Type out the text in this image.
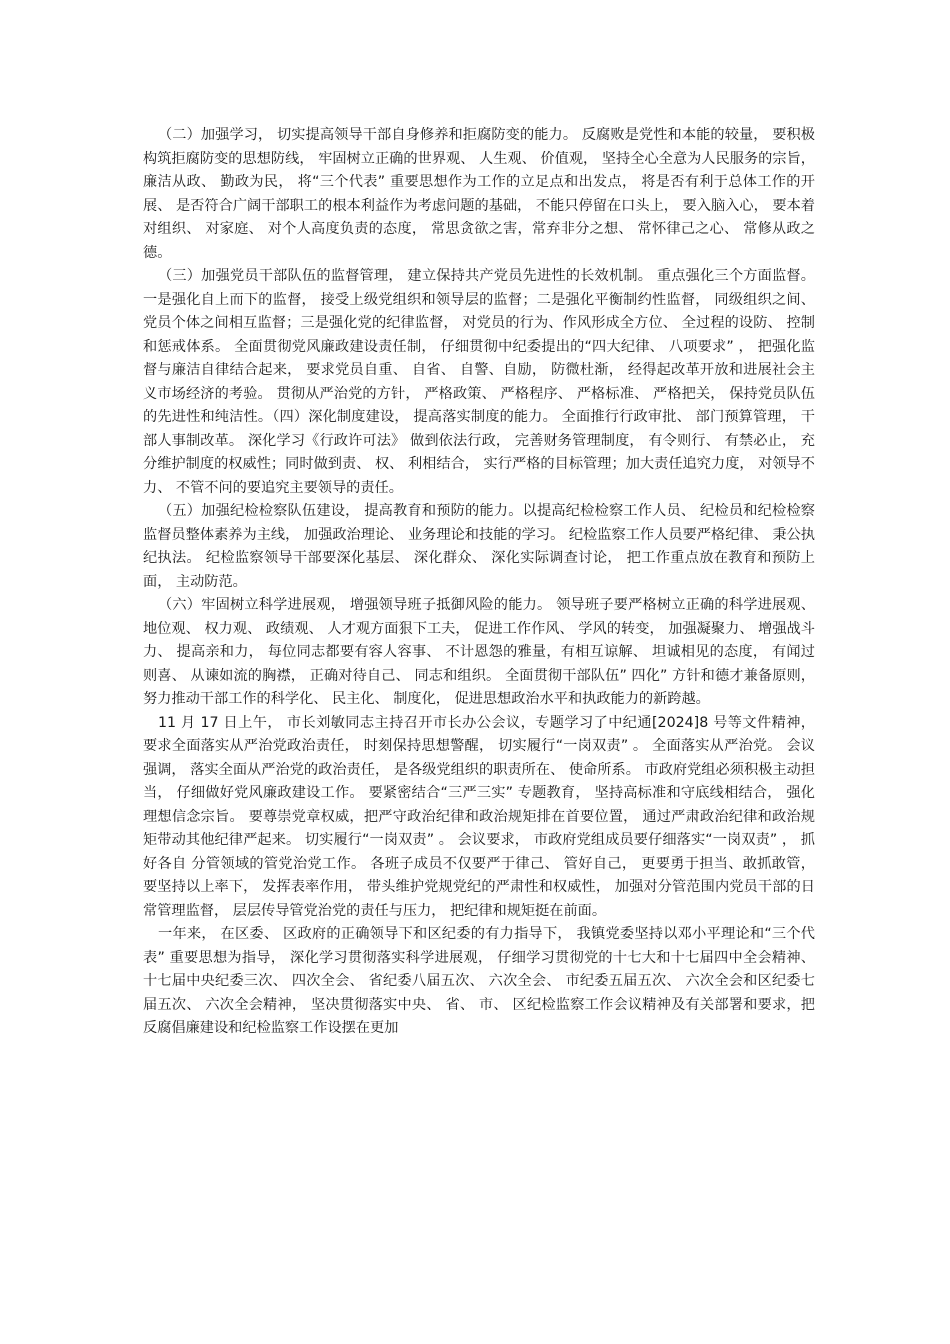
（二）加强学习， 切实提高领导干部自身修养和拒腐防变的能力。 反腐败是党性和本能的较量， 要积极构筑拒腐防变的思想防线， 牢固树立正确的世界观、 人生观、 价值观， 坚持全心全意为人民服务的宗旨， 廉洁从政、 勤政为民， 将“三个代表” 重要思想作为工作的立足点和出发点， 将是否有利于总体工作的开展、 是否符合广阔干部职工的根本利益作为考虑问题的基础， 不能只停留在口头上， 要入脑入心， 要本着对组织、 对家庭、 对个人高度负责的态度， 常思贪欲之害，常弃非分之想、 常怀律己之心、 常修从政之德。

（三）加强党员干部队伍的监督管理， 建立保持共产党员先进性的长效机制。 重点强化三个方面监督。 一是强化自上而下的监督， 接受上级党组织和领导层的监督；二是强化平衡制约性监督， 同级组织之间、 党员个体之间相互监督；三是强化党的纪律监督， 对党员的行为、作风形成全方位、 全过程的设防、 控制和惩戒体系。 全面贯彻党风廉政建设责任制， 仔细贯彻中纪委提出的“四大纪律、 八项要求” ， 把强化监督与廉洁自律结合起来， 要求党员自重、 自省、 自警、自励， 防微杜渐， 经得起改革开放和进展社会主义市场经济的考验。 贯彻从严治党的方针， 严格政策、 严格程序、 严格标准、 严格把关， 保持党员队伍的先进性和纯洁性。（四）深化制度建设， 提高落实制度的能力。 全面推行行政审批、 部门预算管理， 干部人事制改革。 深化学习《行政许可法》 做到依法行政， 完善财务管理制度， 有令则行、 有禁必止， 充分维护制度的权威性；同时做到责、 权、 利相结合， 实行严格的目标管理；加大责任追究力度， 对领导不力、 不管不问的要追究主要领导的责任。

（五）加强纪检检察队伍建设， 提高教育和预防的能力。以提高纪检检察工作人员、 纪检员和纪检检察监督员整体素养为主线， 加强政治理论、 业务理论和技能的学习。 纪检监察工作人员要严格纪律、 秉公执纪执法。 纪检监察领导干部要深化基层、 深化群众、 深化实际调查讨论， 把工作重点放在教育和预防上面， 主动防范。

（六）牢固树立科学进展观， 增强领导班子抵御风险的能力。 领导班子要严格树立正确的科学进展观、 地位观、 权力观、 政绩观、 人才观方面狠下工夫， 促进工作作风、 学风的转变， 加强凝聚力、 增强战斗力、 提高亲和力， 每位同志都要有容人容事、 不计恩怨的雅量，有相互谅解、 坦诚相见的态度， 有闻过则喜、 从谏如流的胸襟， 正确对待自己、 同志和组织。 全面贯彻干部队伍” 四化” 方针和德才兼备原则，努力推动干部工作的科学化、 民主化、 制度化， 促进思想政治水平和执政能力的新跨越。

11 月 17 日上午， 市长刘敏同志主持召开市长办公会议，专题学习了中纪通[2024]8 号等文件精神， 要求全面落实从严治党政治责任， 时刻保持思想警醒， 切实履行“一岗双责” 。 全面落实从严治党。 会议强调， 落实全面从严治党的政治责任， 是各级党组织的职责所在、 使命所系。 市政府党组必须积极主动担当， 仔细做好党风廉政建设工作。 要紧密结合“三严三实” 专题教育， 坚持高标准和守底线相结合， 强化理想信念宗旨。 要尊崇党章权威，把严守政治纪律和政治规矩排在首要位置， 通过严肃政治纪律和政治规矩带动其他纪律严起来。 切实履行“一岗双责” 。 会议要求， 市政府党组成员要仔细落实“一岗双责” ， 抓好各自 分管领域的管党治党工作。 各班子成员不仅要严于律己、 管好自己， 更要勇于担当、敢抓敢管， 要坚持以上率下， 发挥表率作用， 带头维护党规党纪的严肃性和权威性， 加强对分管范围内党员干部的日常管理监督， 层层传导管党治党的责任与压力， 把纪律和规矩挺在前面。

一年来， 在区委、 区政府的正确领导下和区纪委的有力指导下， 我镇党委坚持以邓小平理论和“三个代表” 重要思想为指导， 深化学习贯彻落实科学进展观， 仔细学习贯彻党的十七大和十七届四中全会精神、 十七届中央纪委三次、 四次全会、 省纪委八届五次、 六次全会、 市纪委五届五次、 六次全会和区纪委七届五次、 六次全会精神， 坚决贯彻落实中央、 省、 市、 区纪检监察工作会议精神及有关部署和要求，把反腐倡廉建设和纪检监察工作设摆在更加
